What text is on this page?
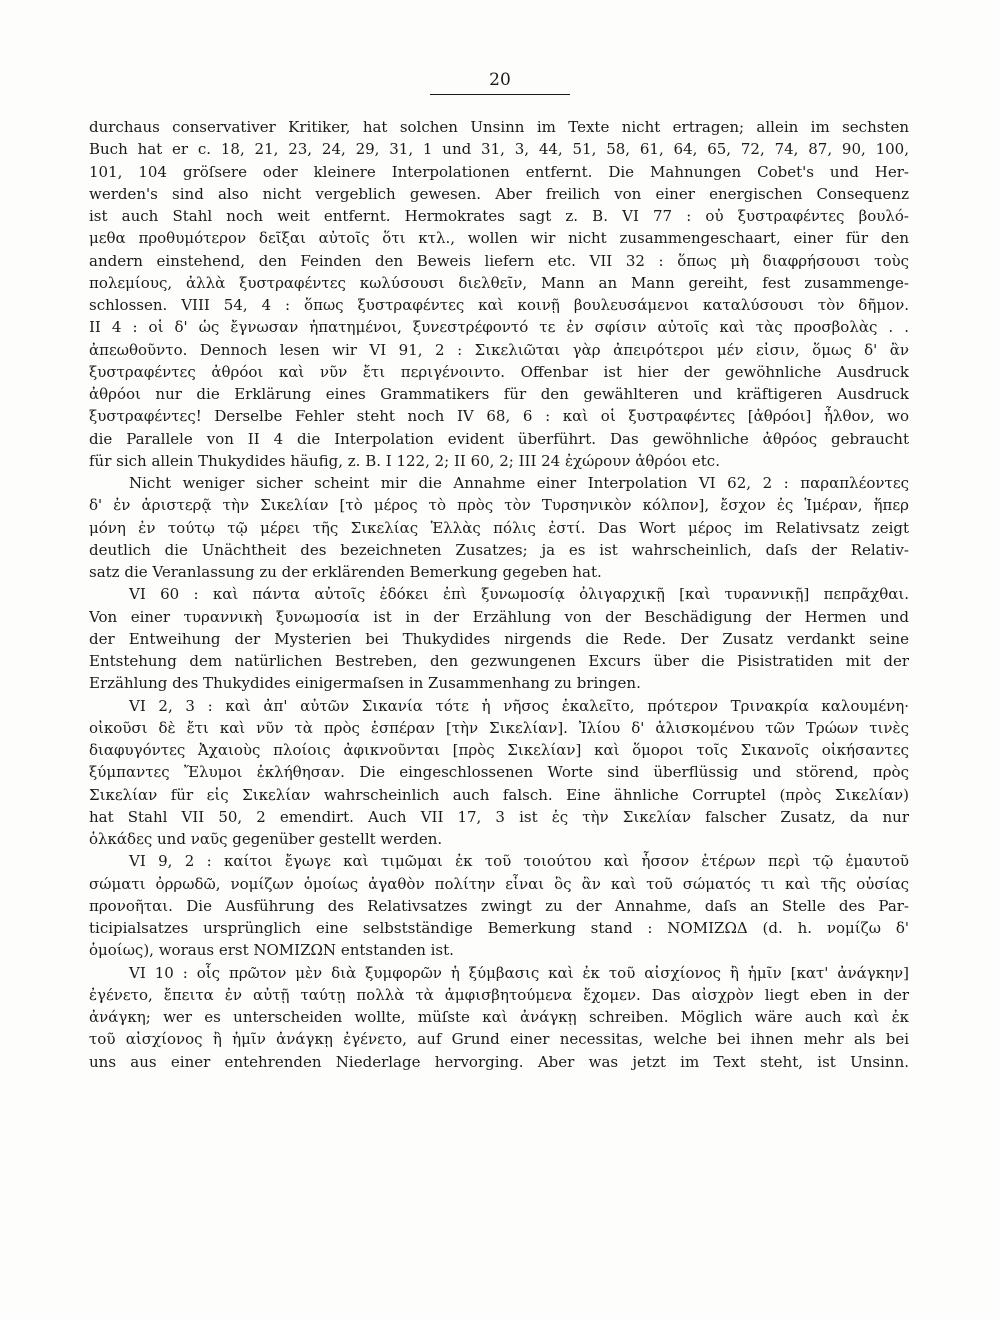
20
durchaus conservativer Kritiker, hat solchen Unsinn im Texte nicht ertragen; allein im sechsten
Buch hat er c. 18, 21, 23, 24, 29, 31, 1 und 31, 3, 44, 51, 58, 61, 64, 65, 72, 74, 87, 90, 100,
101, 104 gröſsere oder kleinere Interpolationen entfernt. Die Mahnungen Cobet's und Her-
werden's sind also nicht vergeblich gewesen. Aber freilich von einer energischen Consequenz
ist auch Stahl noch weit entfernt. Hermokrates sagt z. B. VI 77 : οὐ ξυστραφέντες βουλό-
μεθα προθυμότερον δεῖξαι αὐτοῖς ὅτι κτλ., wollen wir nicht zusammengeschaart, einer für den
andern einstehend, den Feinden den Beweis liefern etc. VII 32 : ὅπως μὴ διαφρήσουσι τοὺς
πολεμίους, ἀλλὰ ξυστραφέντες κωλύσουσι διελθεῖν, Mann an Mann gereiht, fest zusammenge-
schlossen. VIII 54, 4 : ὅπως ξυστραφέντες καὶ κοινῇ βουλευσάμενοι καταλύσουσι τὸν δῆμον.
II 4 : οἱ δ' ὡς ἔγνωσαν ἠπατημένοι, ξυνεστρέφοντό τε ἐν σφίσιν αὐτοῖς καὶ τὰς προσβολὰς . .
ἀπεωθοῦντο. Dennoch lesen wir VI 91, 2 : Σικελιῶται γὰρ ἀπειρότεροι μέν εἰσιν, ὅμως δ' ἂν
ξυστραφέντες ἀθρόοι καὶ νῦν ἔτι περιγένοιντο. Offenbar ist hier der gewöhnliche Ausdruck
ἀθρόοι nur die Erklärung eines Grammatikers für den gewählteren und kräftigeren Ausdruck
ξυστραφέντες! Derselbe Fehler steht noch IV 68, 6 : καὶ οἱ ξυστραφέντες [ἀθρόοι] ἦλθον, wo
die Parallele von II 4 die Interpolation evident überführt. Das gewöhnliche ἀθρόος gebraucht
für sich allein Thukydides häufig, z. B. I 122, 2; II 60, 2; III 24 ἐχώρουν ἀθρόοι etc.
Nicht weniger sicher scheint mir die Annahme einer Interpolation VI 62, 2 : παραπλέοντες
δ' ἐν ἀριστερᾷ τὴν Σικελίαν [τὸ μέρος τὸ πρὸς τὸν Τυρσηνικὸν κόλπον], ἔσχον ἐς Ἱμέραν, ἥπερ
μόνη ἐν τούτῳ τῷ μέρει τῆς Σικελίας Ἑλλὰς πόλις ἐστί. Das Wort μέρος im Relativsatz zeigt
deutlich die Unächtheit des bezeichneten Zusatzes; ja es ist wahrscheinlich, daſs der Relativ-
satz die Veranlassung zu der erklärenden Bemerkung gegeben hat.
VI 60 : καὶ πάντα αὐτοῖς ἐδόκει ἐπὶ ξυνωμοσίᾳ ὀλιγαρχικῇ [καὶ τυραννικῇ] πεπρᾶχθαι.
Von einer τυραννικὴ ξυνωμοσία ist in der Erzählung von der Beschädigung der Hermen und
der Entweihung der Mysterien bei Thukydides nirgends die Rede. Der Zusatz verdankt seine
Entstehung dem natürlichen Bestreben, den gezwungenen Excurs über die Pisistratiden mit der
Erzählung des Thukydides einigermaſsen in Zusammenhang zu bringen.
VI 2, 3 : καὶ ἀπ' αὐτῶν Σικανία τότε ἡ νῆσος ἐκαλεῖτο, πρότερον Τρινακρία καλουμένη·
οἰκοῦσι δὲ ἔτι καὶ νῦν τὰ πρὸς ἑσπέραν [τὴν Σικελίαν]. Ἰλίου δ' ἁλισκομένου τῶν Τρώων τινὲς
διαφυγόντες Ἀχαιοὺς πλοίοις ἀφικνοῦνται [πρὸς Σικελίαν] καὶ ὅμοροι τοῖς Σικανοῖς οἰκήσαντες
ξύμπαντες Ἔλυμοι ἐκλήθησαν. Die eingeschlossenen Worte sind überflüssig und störend, πρὸς
Σικελίαν für εἰς Σικελίαν wahrscheinlich auch falsch. Eine ähnliche Corruptel (πρὸς Σικελίαν)
hat Stahl VII 50, 2 emendirt. Auch VII 17, 3 ist ἐς τὴν Σικελίαν falscher Zusatz, da nur
ὁλκάδες und ναῦς gegenüber gestellt werden.
VI 9, 2 : καίτοι ἔγωγε καὶ τιμῶμαι ἐκ τοῦ τοιούτου καὶ ἧσσον ἑτέρων περὶ τῷ ἐμαυτοῦ
σώματι ὀρρωδῶ, νομίζων ὁμοίως ἀγαθὸν πολίτην εἶναι ὃς ἂν καὶ τοῦ σώματός τι καὶ τῆς οὐσίας
προνοῆται. Die Ausführung des Relativsatzes zwingt zu der Annahme, daſs an Stelle des Par-
ticipialsatzes ursprünglich eine selbstständige Bemerkung stand : NOMIZΩΔ (d. h. νομίζω δ'
ὁμοίως), woraus erst NOMIZΩN entstanden ist.
VI 10 : οἷς πρῶτον μὲν διὰ ξυμφορῶν ἡ ξύμβασις καὶ ἐκ τοῦ αἰσχίονος ἢ ἡμῖν [κατ' ἀνάγκην]
ἐγένετο, ἔπειτα ἐν αὐτῇ ταύτῃ πολλὰ τὰ ἀμφισβητούμενα ἔχομεν. Das αἰσχρὸν liegt eben in der
ἀνάγκη; wer es unterscheiden wollte, müſste καὶ ἀνάγκῃ schreiben. Möglich wäre auch καὶ ἐκ
τοῦ αἰσχίονος ἢ ἡμῖν ἀνάγκῃ ἐγένετο, auf Grund einer necessitas, welche bei ihnen mehr als bei
uns aus einer entehrenden Niederlage hervorging. Aber was jetzt im Text steht, ist Unsinn.
